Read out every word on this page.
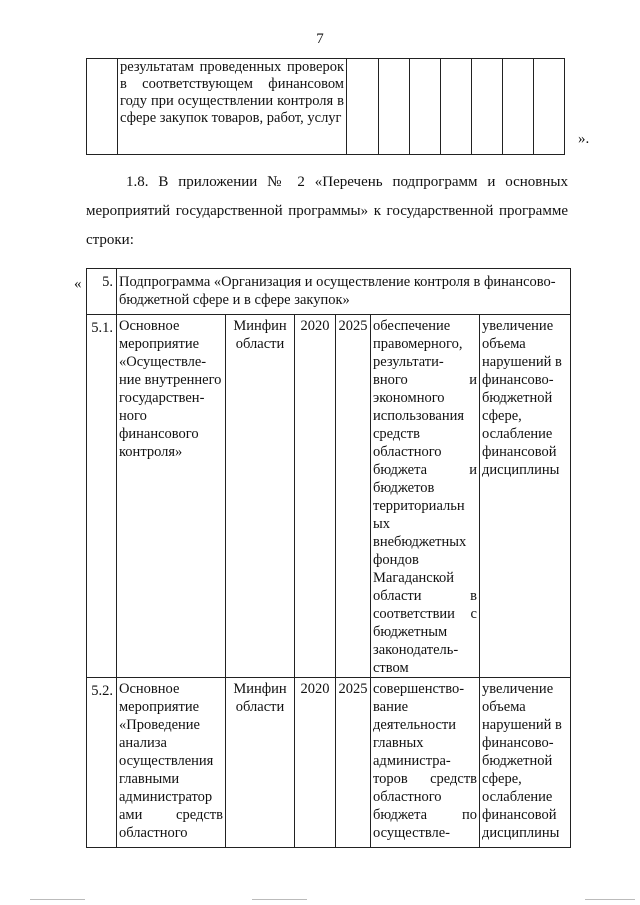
7
	результатам проведенных проверок в соответствующем финансовом году при осуществлении контроля в сфере закупок товаров, работ, услуг							
».
1.8. В приложении № 2 «Перечень подпрограмм и основных
мероприятий государственной программы» к государственной программе
строки:
« 5.	Подпрограмма «Организация и осуществление контроля в финансово-бюджетной сфере и в сфере закупок»					
5.1.	Основное мероприятие «Осуществле-ние внутреннего государствен-ного финансового контроля»	Минфин области	2020	2025	обеспечение правомерного, результати-вного и экономного использования средств областного бюджета и бюджетов территориальн ых внебюджетных фондов Магаданской области в соответствии с бюджетным законодатель-ством	увеличение объема нарушений в финансово-бюджетной сфере, ослабление финансовой дисциплины
5.2.	Основное мероприятие «Проведение анализа осуществления главными администратор ами средств областного	Минфин области	2020	2025	совершенство-вание деятельности главных администра-торов средств областного бюджета по осуществле-	увеличение объема нарушений в финансово-бюджетной сфере, ослабление финансовой дисциплины
